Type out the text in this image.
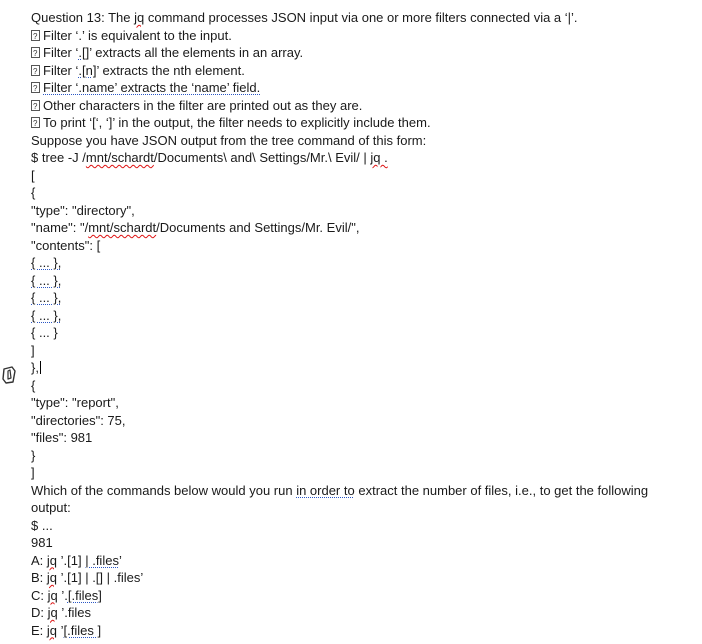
Question 13: The jq command processes JSON input via one or more filters connected via a ‘|’.
?Filter ‘.’ is equivalent to the input.
?Filter ‘.[]’ extracts all the elements in an array.
?Filter ‘.[n]’ extracts the nth element.
?Filter ‘.name’ extracts the ‘name’ field.
?Other characters in the filter are printed out as they are.
?To print ‘[‘, ‘]’ in the output, the filter needs to explicitly include them.
Suppose you have JSON output from the tree command of this form:
$ tree -J /mnt/schardt/Documents\ and\ Settings/Mr.\ Evil/ | jq .
[
{
"type": "directory",
"name": "/mnt/schardt/Documents and Settings/Mr. Evil/",
"contents": [
{ ... },
{ ... },
{ ... },
{ ... },
{ ... }
]
},
{
"type": "report",
"directories": 75,
"files": 981
}
]
Which of the commands below would you run in order to extract the number of files, i.e., to get the following
output:
$ ...
981
A: jq ’.[1] | .files’
B: jq ’.[1] | .[] | .files’
C: jq ’.[.files]
D: jq ’.files
E: jq ’[.files ]
